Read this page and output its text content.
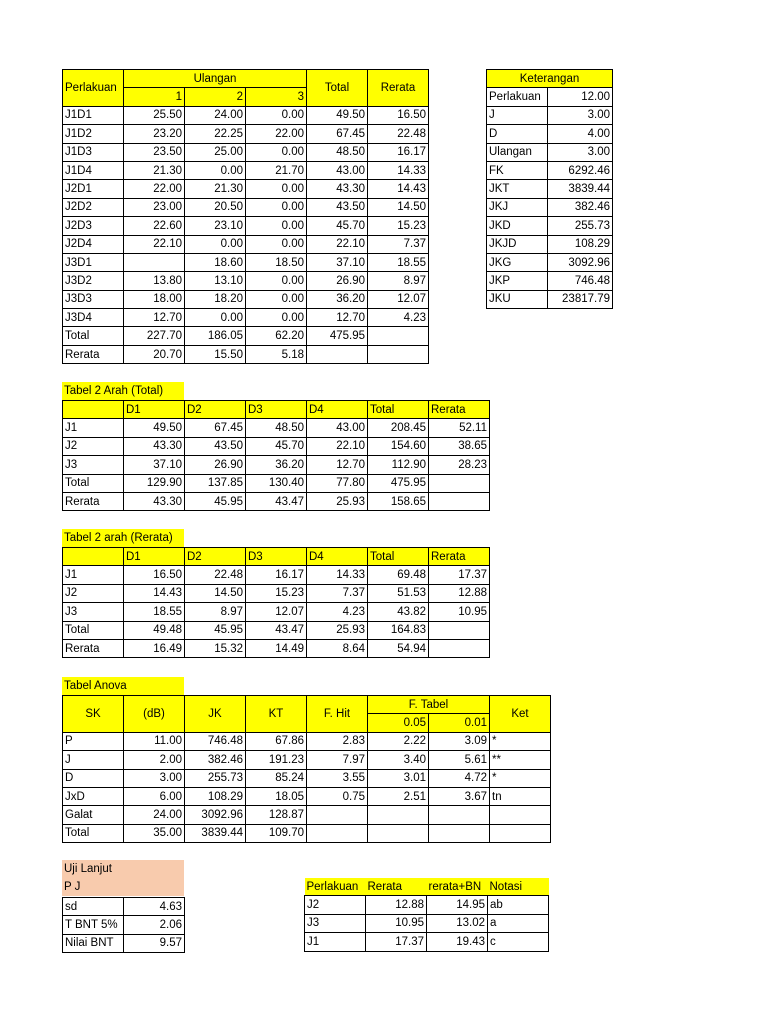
Perlakuan	Ulangan			Total	Rerata
	1	2	3		
J1D1	25.50	24.00	0.00	49.50	16.50
J1D2	23.20	22.25	22.00	67.45	22.48
J1D3	23.50	25.00	0.00	48.50	16.17
J1D4	21.30	0.00	21.70	43.00	14.33
J2D1	22.00	21.30	0.00	43.30	14.43
J2D2	23.00	20.50	0.00	43.50	14.50
J2D3	22.60	23.10	0.00	45.70	15.23
J2D4	22.10	0.00	0.00	22.10	7.37
J3D1		18.60	18.50	37.10	18.55
J3D2	13.80	13.10	0.00	26.90	8.97
J3D3	18.00	18.20	0.00	36.20	12.07
J3D4	12.70	0.00	0.00	12.70	4.23
Total	227.70	186.05	62.20	475.95	
Rerata	20.70	15.50	5.18		
Keterangan	
Perlakuan	12.00
J	3.00
D	4.00
Ulangan	3.00
FK	6292.46
JKT	3839.44
JKJ	382.46
JKD	255.73
JKJD	108.29
JKG	3092.96
JKP	746.48
JKU	23817.79
Tabel 2 Arah (Total)
	D1	D2	D3	D4	Total	Rerata
J1	49.50	67.45	48.50	43.00	208.45	52.11
J2	43.30	43.50	45.70	22.10	154.60	38.65
J3	37.10	26.90	36.20	12.70	112.90	28.23
Total	129.90	137.85	130.40	77.80	475.95	
Rerata	43.30	45.95	43.47	25.93	158.65	
Tabel 2 arah (Rerata)
	D1	D2	D3	D4	Total	Rerata
J1	16.50	22.48	16.17	14.33	69.48	17.37
J2	14.43	14.50	15.23	7.37	51.53	12.88
J3	18.55	8.97	12.07	4.23	43.82	10.95
Total	49.48	45.95	43.47	25.93	164.83	
Rerata	16.49	15.32	14.49	8.64	54.94	
Tabel Anova
SK	(dB)	JK	KT	F. Hit	F. Tabel		Ket
					0.05	0.01	
P	11.00	746.48	67.86	2.83	2.22	3.09	*
J	2.00	382.46	191.23	7.97	3.40	5.61	**
D	3.00	255.73	85.24	3.55	3.01	4.72	*
JxD	6.00	108.29	18.05	0.75	2.51	3.67	tn
Galat	24.00	3092.96	128.87				
Total	35.00	3839.44	109.70				
Uji Lanjut
P J
sd	4.63
T BNT 5%	2.06
Nilai BNT	9.57
Perlakuan	Rerata	rerata+BN	Notasi
J2	12.88	14.95	ab
J3	10.95	13.02	a
J1	17.37	19.43	c
